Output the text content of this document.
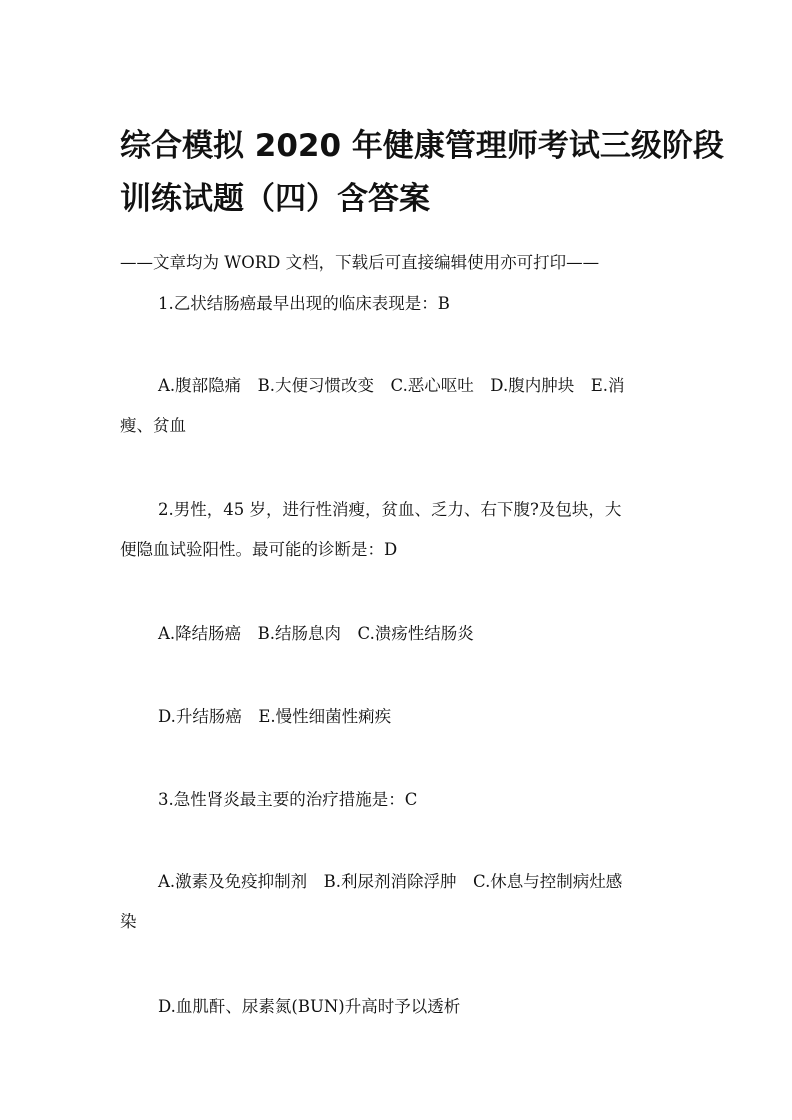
综合模拟 2020 年健康管理师考试三级阶段
训练试题（四）含答案
——文章均为 WORD 文档，下载后可直接编辑使用亦可打印——
1.乙状结肠癌最早出现的临床表现是：B
A.腹部隐痛　B.大便习惯改变　C.恶心呕吐　D.腹内肿块　E.消
瘦、贫血
2.男性，45 岁，进行性消瘦，贫血、乏力、右下腹?及包块，大
便隐血试验阳性。最可能的诊断是：D
A.降结肠癌　B.结肠息肉　C.溃疡性结肠炎
D.升结肠癌　E.慢性细菌性痢疾
3.急性肾炎最主要的治疗措施是：C
A.激素及免疫抑制剂　B.利尿剂消除浮肿　C.休息与控制病灶感
染
D.血肌酐、尿素氮(BUN)升高时予以透析
